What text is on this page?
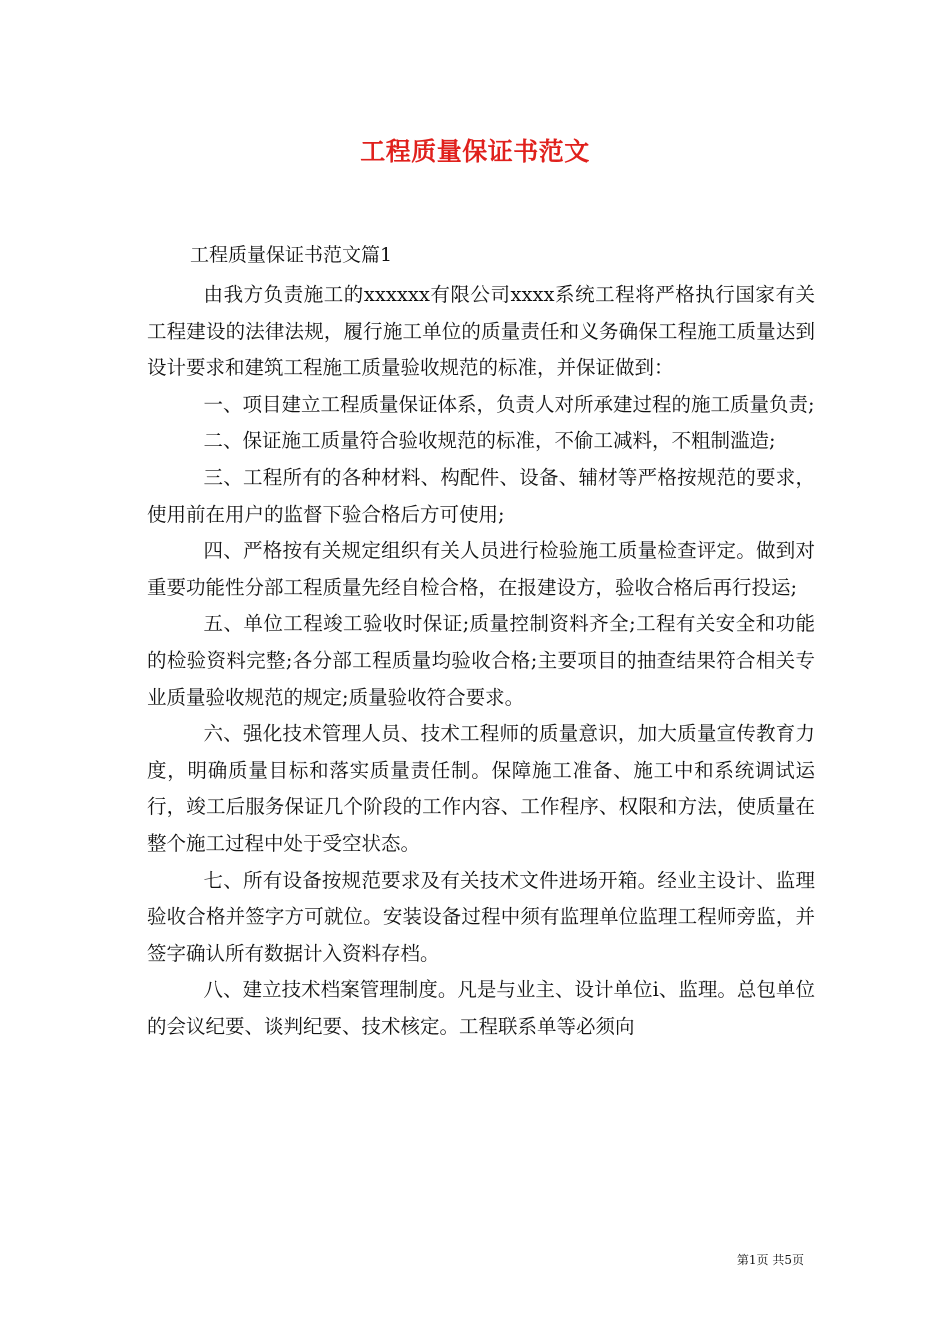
工程质量保证书范文
工程质量保证书范文篇1

由我方负责施工的xxxxxx有限公司xxxx系统工程将严格执行国家有关工程建设的法律法规，履行施工单位的质量责任和义务确保工程施工质量达到设计要求和建筑工程施工质量验收规范的标准，并保证做到：

一、项目建立工程质量保证体系，负责人对所承建过程的施工质量负责;

二、保证施工质量符合验收规范的标准，不偷工减料，不粗制滥造;

三、工程所有的各种材料、构配件、设备、辅材等严格按规范的要求，使用前在用户的监督下验合格后方可使用;

四、严格按有关规定组织有关人员进行检验施工质量检查评定。做到对重要功能性分部工程质量先经自检合格，在报建设方，验收合格后再行投运;

五、单位工程竣工验收时保证;质量控制资料齐全;工程有关安全和功能的检验资料完整;各分部工程质量均验收合格;主要项目的抽查结果符合相关专业质量验收规范的规定;质量验收符合要求。

六、强化技术管理人员、技术工程师的质量意识，加大质量宣传教育力度，明确质量目标和落实质量责任制。保障施工准备、施工中和系统调试运行，竣工后服务保证几个阶段的工作内容、工作程序、权限和方法，使质量在整个施工过程中处于受空状态。

七、所有设备按规范要求及有关技术文件进场开箱。经业主设计、监理验收合格并签字方可就位。安装设备过程中须有监理单位监理工程师旁监，并签字确认所有数据计入资料存档。

八、建立技术档案管理制度。凡是与业主、设计单位i、监理。总包单位的会议纪要、谈判纪要、技术核定。工程联系单等必须向

第1页 共5页
